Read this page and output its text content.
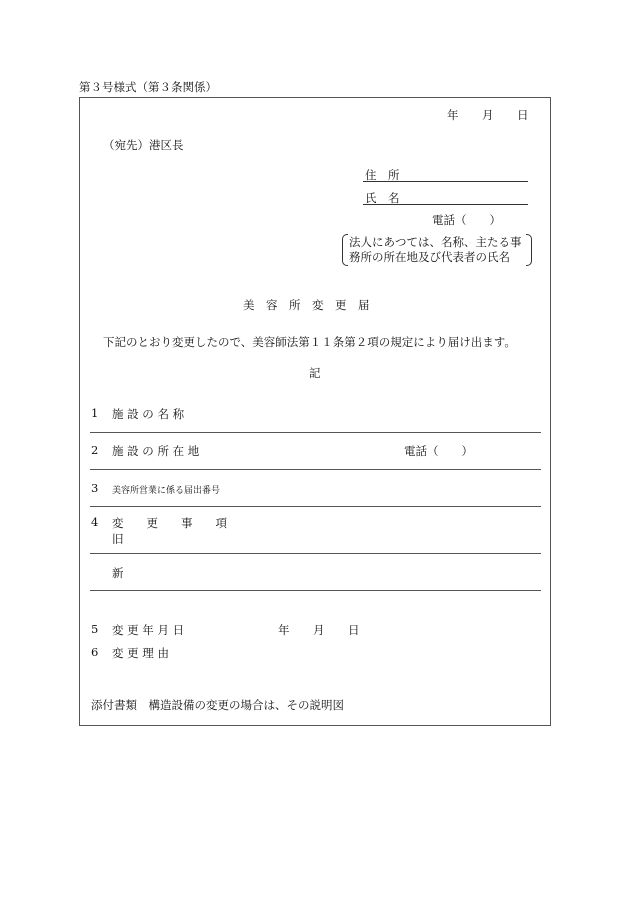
第３号様式（第３条関係）
年 月 日
（宛先）港区長
住　所
氏　名
電話（　　）
法人にあつては、名称、主たる事
務所の所在地及び代表者の氏名
美　容　所　変　更　届
下記のとおり変更したので、美容師法第１１条第２項の規定により届け出ます。
記
1 施 設 の 名 称
2 施 設 の 所 在 地	電話（　　）
3 美容所営業に係る届出番号
4 変　　更　　事　　項
旧
新
5 変 更 年 月 日	年 月 日
6 変 更 理 由
添付書類　構造設備の変更の場合は、その説明図
